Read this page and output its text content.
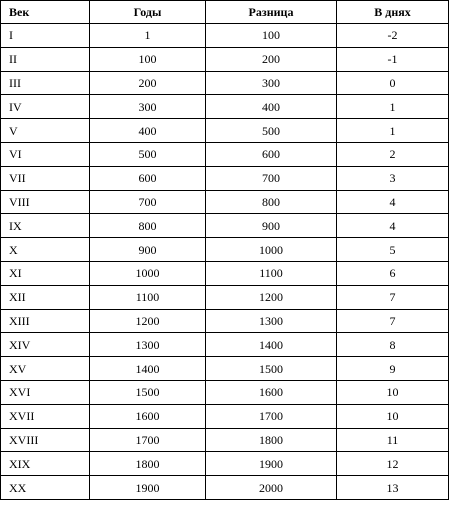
Век	Годы	Разница	В днях
I	1	100	-2
II	100	200	-1
III	200	300	0
IV	300	400	1
V	400	500	1
VI	500	600	2
VII	600	700	3
VIII	700	800	4
IX	800	900	4
X	900	1000	5
XI	1000	1100	6
XII	1100	1200	7
XIII	1200	1300	7
XIV	1300	1400	8
XV	1400	1500	9
XVI	1500	1600	10
XVII	1600	1700	10
XVIII	1700	1800	11
XIX	1800	1900	12
XX	1900	2000	13
